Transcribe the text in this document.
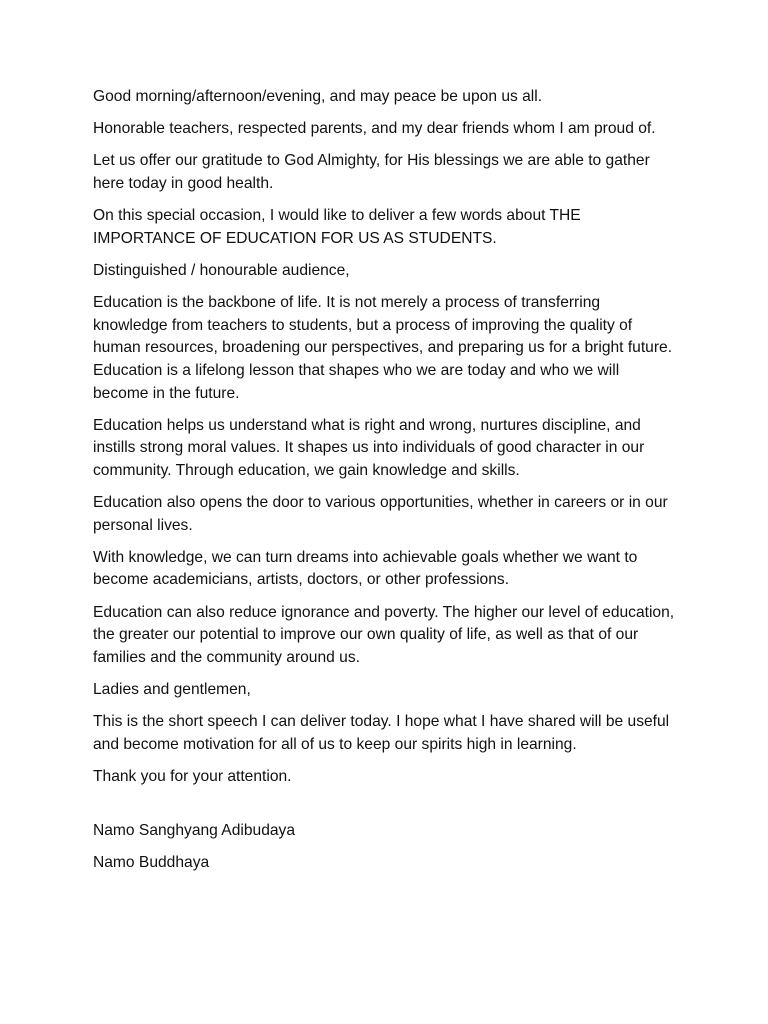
Good morning/afternoon/evening, and may peace be upon us all.

Honorable teachers, respected parents, and my dear friends whom I am proud of.

Let us offer our gratitude to God Almighty, for His blessings we are able to gather here today in good health.

On this special occasion, I would like to deliver a few words about THE IMPORTANCE OF EDUCATION FOR US AS STUDENTS.

Distinguished / honourable audience,

Education is the backbone of life. It is not merely a process of transferring knowledge from teachers to students, but a process of improving the quality of human resources, broadening our perspectives, and preparing us for a bright future. Education is a lifelong lesson that shapes who we are today and who we will become in the future.

Education helps us understand what is right and wrong, nurtures discipline, and instills strong moral values. It shapes us into individuals of good character in our community. Through education, we gain knowledge and skills.

Education also opens the door to various opportunities, whether in careers or in our personal lives.

With knowledge, we can turn dreams into achievable goals whether we want to become academicians, artists, doctors, or other professions.

Education can also reduce ignorance and poverty. The higher our level of education, the greater our potential to improve our own quality of life, as well as that of our families and the community around us.

Ladies and gentlemen,

This is the short speech I can deliver today. I hope what I have shared will be useful and become motivation for all of us to keep our spirits high in learning.

Thank you for your attention.

Namo Sanghyang Adibudaya

Namo Buddhaya
